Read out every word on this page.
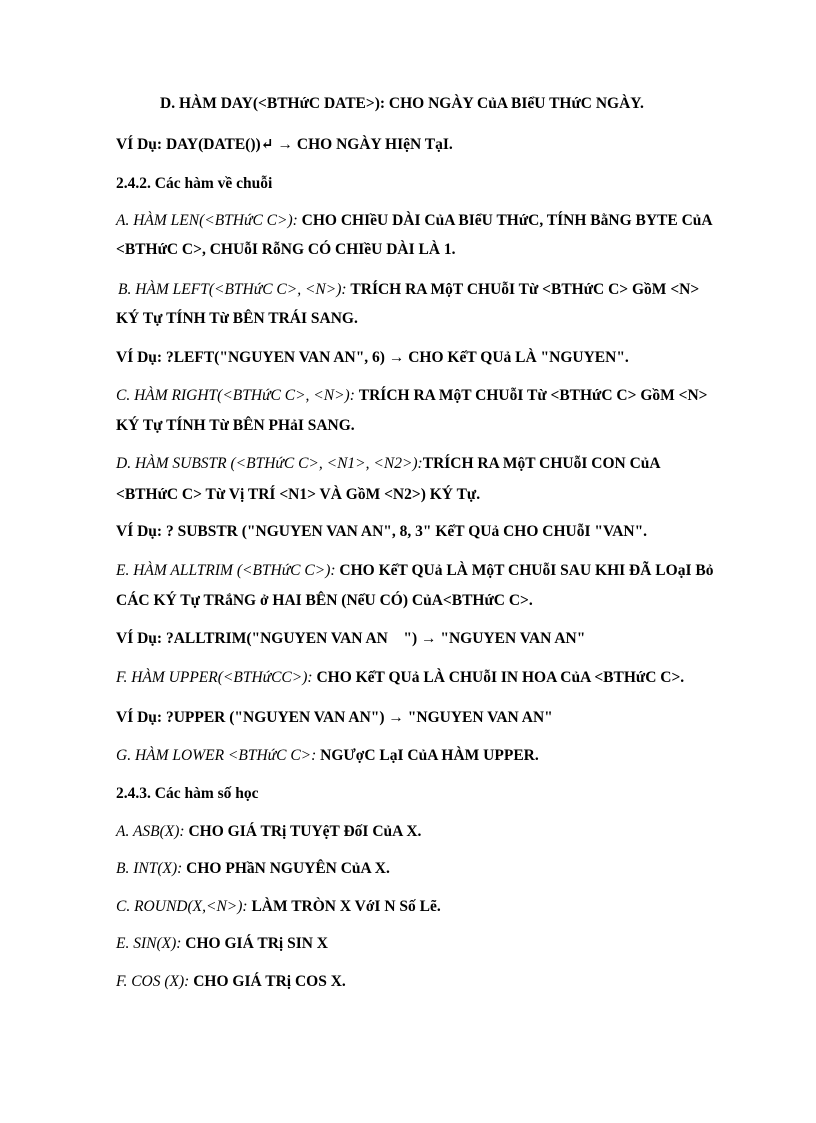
D. HÀM DAY(<BTHứC DATE>): CHO NGÀY CủA BIểU THứC NGÀY.
VÍ Dụ: DAY(DATE())↵ → CHO NGÀY HIệN TạI.
2.4.2. Các hàm về chuỗi
A. HÀM LEN(<BTHứC C>): CHO CHIềU DÀI CủA BIểU THứC, TÍNH BằNG BYTE CủA
<BTHứC C>, CHUỗI RỗNG CÓ CHIềU DÀI LÀ 1.
B. HÀM LEFT(<BTHứC C>, <N>): TRÍCH RA MộT CHUỗI Từ <BTHứC C> GồM <N>
KÝ Tự TÍNH Từ BÊN TRÁI SANG.
VÍ Dụ: ?LEFT("NGUYEN VAN AN", 6) → CHO KếT QUả LÀ "NGUYEN".
C. HÀM RIGHT(<BTHứC C>, <N>): TRÍCH RA MộT CHUỗI Từ <BTHứC C> GồM <N>
KÝ Tự TÍNH Từ BÊN PHảI SANG.
D. HÀM SUBSTR (<BTHứC C>, <N1>, <N2>):TRÍCH RA MộT CHUỗI CON CủA
<BTHứC C> Từ Vị TRÍ <N1> VÀ GồM <N2>) KÝ Tự.
VÍ Dụ: ? SUBSTR ("NGUYEN VAN AN", 8, 3" KếT QUả CHO CHUỗI "VAN".
E. HÀM ALLTRIM (<BTHứC C>): CHO KếT QUả LÀ MộT CHUỗI SAU KHI ĐÃ LOạI Bỏ
CÁC KÝ Tự TRắNG ở HAI BÊN (NếU CÓ) CủA<BTHứC C>.
VÍ Dụ: ?ALLTRIM("NGUYEN VAN AN    ") → "NGUYEN VAN AN"
F. HÀM UPPER(<BTHứCC>): CHO KếT QUả LÀ CHUỗI IN HOA CủA <BTHứC C>.
VÍ Dụ: ?UPPER ("NGUYEN VAN AN") → "NGUYEN VAN AN"
G. HÀM LOWER <BTHứC C>: NGƯợC LạI CủA HÀM UPPER.
2.4.3. Các hàm số học
A. ASB(X): CHO GIÁ TRị TUYệT ĐốI CủA X.
B. INT(X): CHO PHầN NGUYÊN CủA X.
C. ROUND(X,<N>): LÀM TRÒN X VớI N Số Lẽ.
E. SIN(X): CHO GIÁ TRị SIN X
F. COS (X): CHO GIÁ TRị COS X.
